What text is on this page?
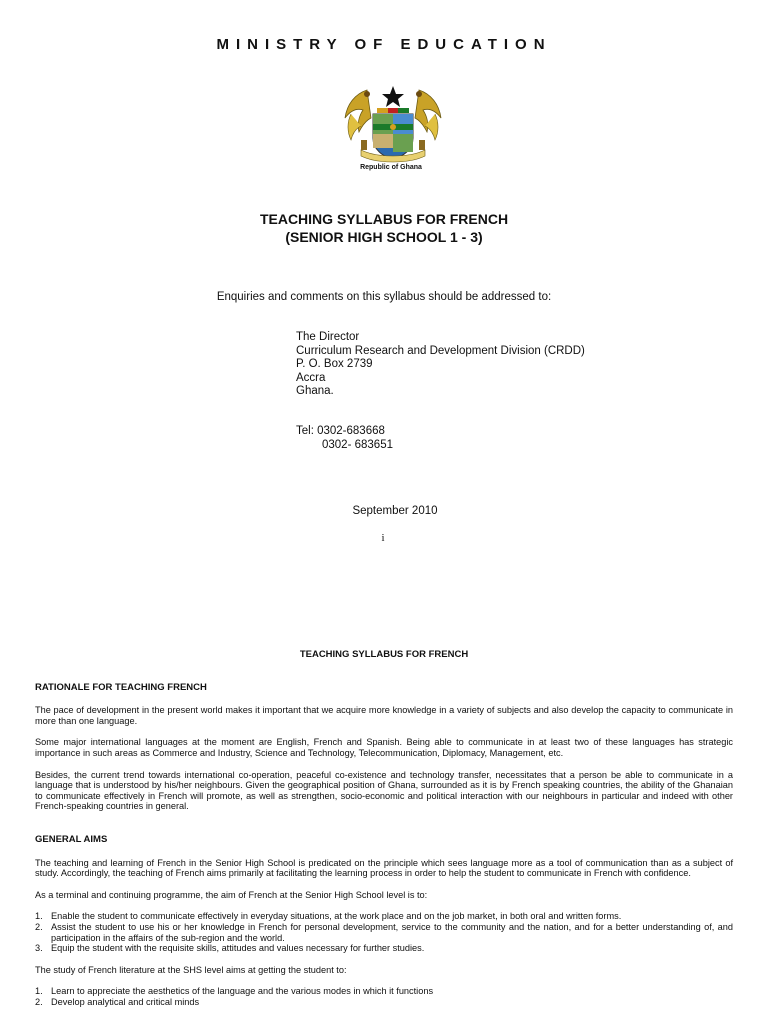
MINISTRY OF EDUCATION
Republic of Ghana
TEACHING SYLLABUS FOR FRENCH
(SENIOR HIGH SCHOOL 1 - 3)
Enquiries and comments on this syllabus should be addressed to:
The Director
Curriculum Research and Development Division (CRDD)
P. O. Box 2739
Accra
Ghana.
Tel: 0302-683668
0302- 683651
September 2010
i
TEACHING SYLLABUS FOR FRENCH
RATIONALE FOR TEACHING FRENCH
The pace of development in the present world makes it important that we acquire more knowledge in a variety of subjects and also develop the capacity to communicate in more than one language.
Some major international languages at the moment are English, French and Spanish. Being able to communicate in at least two of these languages has strategic importance in such areas as Commerce and Industry, Science and Technology, Telecommunication, Diplomacy, Management, etc.
Besides, the current trend towards international co-operation, peaceful co-existence and technology transfer, necessitates that a person be able to communicate in a language that is understood by his/her neighbours. Given the geographical position of Ghana, surrounded as it is by French speaking countries, the ability of the Ghanaian to communicate effectively in French will promote, as well as strengthen, socio-economic and political interaction with our neighbours in particular and indeed with other French-speaking countries in general.
GENERAL AIMS
The teaching and learning of French in the Senior High School is predicated on the principle which sees language more as a tool of communication than as a subject of study. Accordingly, the teaching of French aims primarily at facilitating the learning process in order to help the student to communicate in French with confidence.
As a terminal and continuing programme, the aim of French at the Senior High School level is to:
1. Enable the student to communicate effectively in everyday situations, at the work place and on the job market, in both oral and written forms.
2. Assist the student to use his or her knowledge in French for personal development, service to the community and the nation, and for a better understanding of, and participation in the affairs of the sub-region and the world.
3. Equip the student with the requisite skills, attitudes and values necessary for further studies.
The study of French literature at the SHS level aims at getting the student to:
1. Learn to appreciate the aesthetics of the language and the various modes in which it functions
2. Develop analytical and critical minds
